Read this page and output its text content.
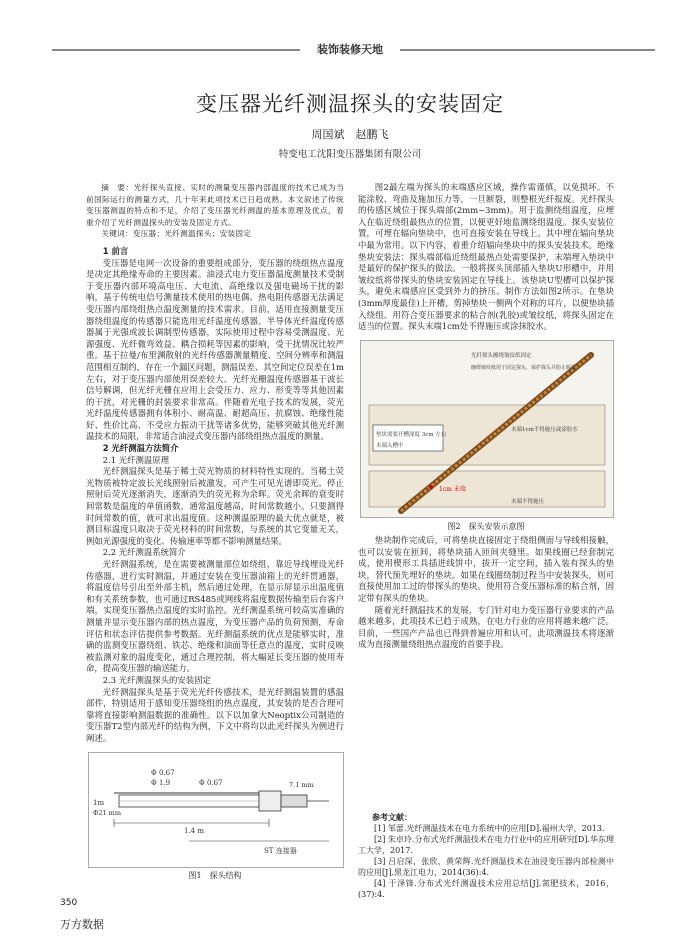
装饰装修天地
变压器光纤测温探头的安装固定
周国斌　赵鹏飞
特变电工沈阳变压器集团有限公司

摘　要：光纤探头直接、实时的测量变压器内部温度的技术已成为当前国际运行的测量方式，几十年来此项技术已日趋成熟。本文叙述了传统变压器测温的特点和不足，介绍了变压器光纤测温的基本原理及优点，着重介绍了光纤测温探头的安装及固定方式。

关键词：变压器；光纤测温探头；安装固定

1 前言

变压器是电网一次设备的重要组成部分，变压器的绕组热点温度是决定其绝缘寿命的主要因素。油浸式电力变压器温度测量技术受制于变压器内部环境高电压、大电流、高绝缘以及强电磁场干扰的影响，基于传统电信号测量技术使用的热电偶、热电阻传感器无法满足变压器内部绕组热点温度测量的技术需求。目前，适用直接测量变压器绕组温度的传感器只能选用光纤温度传感器。半导体光纤温度传感器属于光强或波长调制型传感器，实际使用过程中容易受测温度、光源强度、光纤微弯效益、耦合损耗等因素的影响，受干扰情况比较严重。基于拉曼/布里渊散射的光纤传感器测量精度、空间分辨率和测温范围相互制约，存在一个漏区问题，测温误差、其空间定位误差在1m左右，对于变压器内部使用误差较大。光纤光栅温度传感器基于波长信号解调，但光纤光栅在应用上会受压力、应力、形变等等其他因素的干扰，对光栅的封装要求非常高。伴随着光电子技术的发展，荧光光纤温度传感器拥有体积小、耐高温、耐超高压、抗腐蚀、绝缘性能好、性价比高、不受应力振动干扰等诸多优势，能够突破其他光纤测温技术的局限，非常适合油浸式变压器内部绕组热点温度的测量。

2 光纤测温方法简介

2.1 光纤测温原理

光纤测温探头是基于稀土荧光物质的材料特性实现的。当稀土荧光物质被特定波长光线照射后被激发，可产生可见光谱即荧光。停止照射后荧光逐渐消失，逐渐消失的荧光称为余晖。荧光余晖的衰变时间常数是温度的单值函数，通常温度越高，时间常数越小。只要测得时间常数的值，就可求出温度值。这种测温原理的最大优点就是，被测目标温度只取决于荧光材料的时间常数，与系统的其它变量无关，例如光源强度的变化、传输速率等都不影响测量结果。

2.2 光纤测温系统简介

光纤测温系统，是在需要被测量部位如绕组、靠近导线埋设光纤传感器，进行实时测温，并通过安装在变压器油箱上的光纤贯通器，将温度信号引出至外部主机，然后通过处理，在显示屏显示出温度值和有关系统参数，也可通过RS485或网线将温度数据传输至后台客户端，实现变压器热点温度的实时监控。光纤测温系统可较高实准确的测量并显示变压器内部的热点温度，为变压器产品的负荷预测，寿命评估和状态评估提供参考数据。光纤测温系统的优点是能够实时，准确的监测变压器绕组、铁芯、绝缘和油面等任意点的温度，实时反映被监测对象的温度变化，通过合理控制，将大幅延长变压器的使用寿命，提高变压器的输送能力。

2.3 光纤测温探头的安装固定

光纤测温探头是基于荧光光纤传感技术，是光纤测温装置的感温部件，特别适用于感知变压器绕组的热点温度，其安装的是否合理可靠将直接影响测温数据的准确性。以下以加拿大Neoptix公司制造的变压器T2型内部光纤的结构为例，下文中将均以此光纤探头为例进行阐述。

Φ 0.67
Φ 1.9	Φ 0.67
ST 连接器
1m
Φ21 mm
1.4 m
7.1 mm
图1　探头结构

图2最左端为探头的末端感应区域，操作需谨慎，以免损坏。不能涂胶、弯曲及施加压力等，一旦断裂，则整根光纤报废。光纤探头的传感区域位于探头端部(2mm~3mm)。用于监测绕组温度，应埋入在临近绕组最热点的位置，以便更好地监测绕组温度。探头安装位置，可埋在辐向垫块中，也可直接安装在导线上。其中埋在辐向垫块中最为常用。以下内容，着重介绍辐向垫块中的探头安装技术。绝缘垫块安装法：探头端部临近绕组最热点处需要保护，末端埋入垫块中是最好的保护探头的做法。一般将探头顶部插入垫块U形槽中，并用皱纹纸将带探头的垫块安装固定在导线上。该垫块U型槽可以保护探头，避免末端感应区受到外力的挤压。制作方法如图2所示。在垫块(3mm厚度最佳)上开槽，剪掉垫块一侧两个对称的耳片，以便垫块插入绕组。用符合变压器要求的粘合剂(乳胶)或皱纹纸，将探头固定在适当的位置。探头末端1cm处不得施压或涂抹胶水。

光纤探头缠绕皱纹纸固定
缠绕皱纹纸用于固定探头，保护探头并防止脱落
垫块需要开槽深度 3cm 左右
末端入槽中
末端1cm不得施压或涂胶水
1cm 末端
末端不得施压
图2　探头安装示意图

垫块制作完成后，可将垫块直接固定于绕组侧面与导线相接触，也可以安装在匝间，将垫块插入匝间夹缝里。如果线圈已经套制完成，使用楔形工具插进线饼中，拔开一定空间，插入装有探头的垫块，替代预先埋好的垫块。如果在线圈绕制过程当中安装探头，则可直接使用加工过的带探头的垫块。使用符合变压器标准的粘合剂，固定带有探头的垫块。

随着光纤测温技术的发展，专门针对电力变压器行业要求的产品越来越多，此项技术已趋于成熟，在电力行业的应用将越来越广泛。目前，一些国产产品也已得到普遍应用和认可，此项测温技术将逐渐成为直接测量绕组热点温度的首要手段。

参考文献：

[1] 邹蕾.光纤测温技术在电力系统中的应用[D].福州大学，2013.

[2] 朱卓玲.分布式光纤测温技术在电力行业中的应用研究[D].华东理工大学，2017.

[3] 吕启深，张欣，黄荣辉.光纤测温技术在油浸变压器内部检测中的应用[J].黑龙江电力，2014(36):4.

[4] 于泽锋.分布式光纤测温技术应用总结[J].氮肥技术，2016，(37):4.

350
万方数据
